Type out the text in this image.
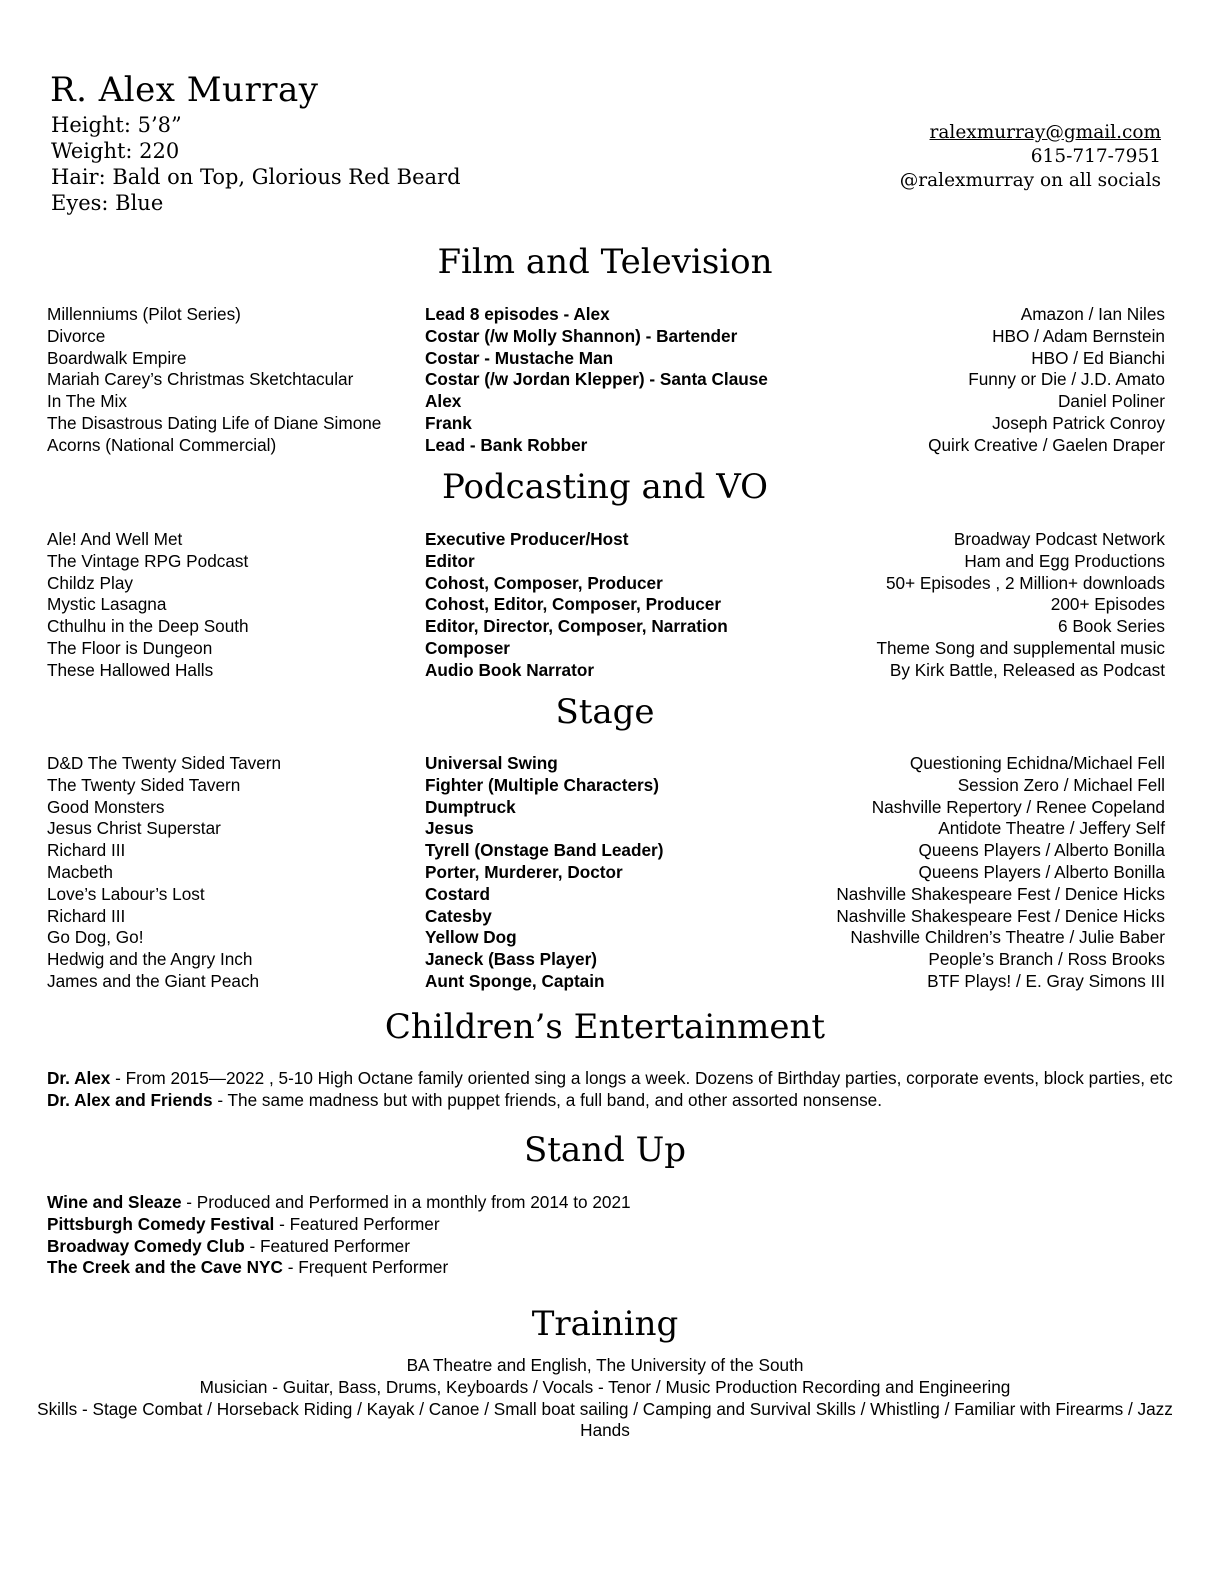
R. Alex Murray
Height: 5’8”
Weight: 220
Hair: Bald on Top, Glorious Red Beard
Eyes: Blue
ralexmurray@gmail.com
615-717-7951
@ralexmurray on all socials
Film and Television
Millenniums (Pilot Series)	Lead 8 episodes - Alex	Amazon / Ian Niles
Divorce	Costar (/w Molly Shannon) - Bartender	HBO / Adam Bernstein
Boardwalk Empire	Costar - Mustache Man	HBO / Ed Bianchi
Mariah Carey’s Christmas Sketchtacular	Costar (/w Jordan Klepper) - Santa Clause	Funny or Die / J.D. Amato
In The Mix	Alex	Daniel Poliner
The Disastrous Dating Life of Diane Simone	Frank	Joseph Patrick Conroy
Acorns (National Commercial)	Lead - Bank Robber	Quirk Creative / Gaelen Draper
Podcasting and VO
Ale! And Well Met	Executive Producer/Host	Broadway Podcast Network
The Vintage RPG Podcast	Editor	Ham and Egg Productions
Childz Play	Cohost, Composer, Producer	50+ Episodes , 2 Million+ downloads
Mystic Lasagna	Cohost, Editor, Composer, Producer	200+ Episodes
Cthulhu in the Deep South	Editor, Director, Composer, Narration	6 Book Series
The Floor is Dungeon	Composer	Theme Song and supplemental music
These Hallowed Halls	Audio Book Narrator	By Kirk Battle, Released as Podcast
Stage
D&D The Twenty Sided Tavern	Universal Swing	Questioning Echidna/Michael Fell
The Twenty Sided Tavern	Fighter (Multiple Characters)	Session Zero / Michael Fell
Good Monsters	Dumptruck	Nashville Repertory / Renee Copeland
Jesus Christ Superstar	Jesus	Antidote Theatre / Jeffery Self
Richard III	Tyrell (Onstage Band Leader)	Queens Players / Alberto Bonilla
Macbeth	Porter, Murderer, Doctor	Queens Players / Alberto Bonilla
Love’s Labour’s Lost	Costard	Nashville Shakespeare Fest / Denice Hicks
Richard III	Catesby	Nashville Shakespeare Fest / Denice Hicks
Go Dog, Go!	Yellow Dog	Nashville Children’s Theatre / Julie Baber
Hedwig and the Angry Inch	Janeck (Bass Player)	People’s Branch / Ross Brooks
James and the Giant Peach	Aunt Sponge, Captain	BTF Plays! / E. Gray Simons III
Children’s Entertainment
Dr. Alex - From 2015—2022 , 5-10 High Octane family oriented sing a longs a week. Dozens of Birthday parties, corporate events, block parties, etc
Dr. Alex and Friends - The same madness but with puppet friends, a full band, and other assorted nonsense.
Stand Up
Wine and Sleaze - Produced and Performed in a monthly from 2014 to 2021
Pittsburgh Comedy Festival - Featured Performer
Broadway Comedy Club - Featured Performer
The Creek and the Cave NYC - Frequent Performer
Training
BA Theatre and English, The University of the South
Musician - Guitar, Bass, Drums, Keyboards / Vocals - Tenor / Music Production Recording and Engineering
Skills - Stage Combat / Horseback Riding / Kayak / Canoe / Small boat sailing / Camping and Survival Skills / Whistling / Familiar with Firearms / Jazz Hands
